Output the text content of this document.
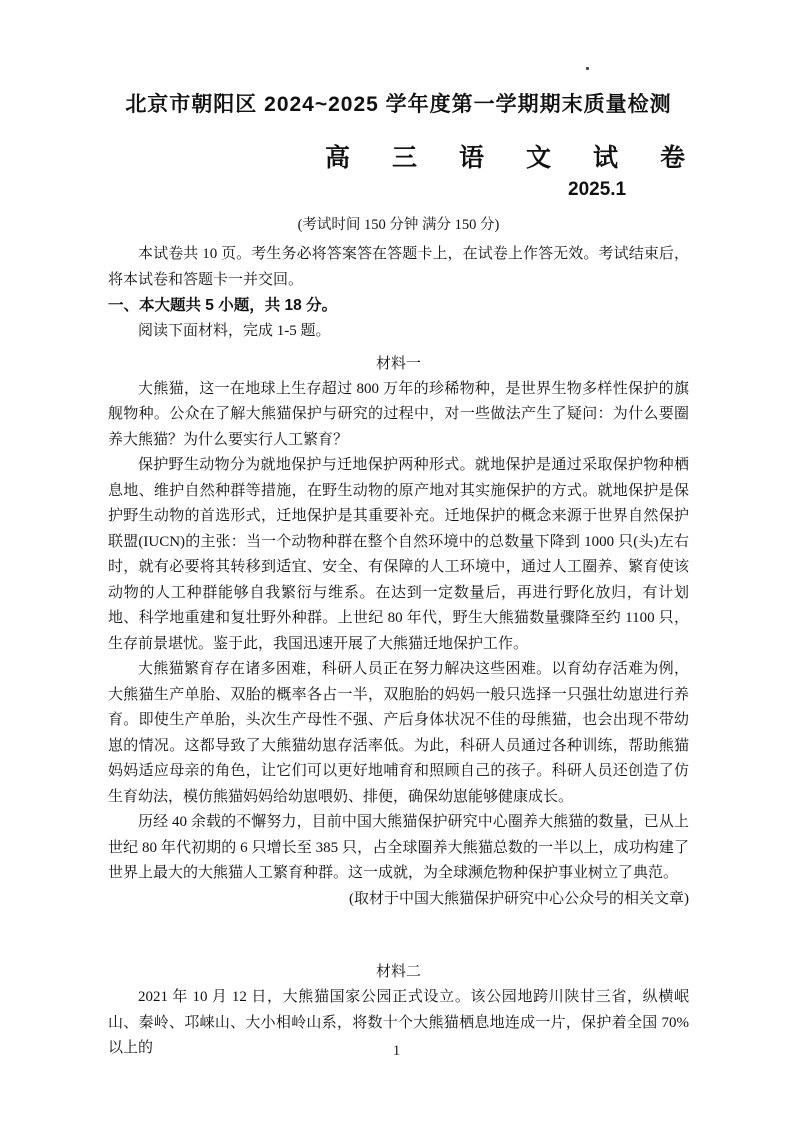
北京市朝阳区 2024~2025 学年度第一学期期末质量检测
高三语文试卷
2025.1
(考试时间 150 分钟 满分 150 分)
本试卷共 10 页。考生务必将答案答在答题卡上，在试卷上作答无效。考试结束后，将本试卷和答题卡一并交回。
一、本大题共 5 小题，共 18 分。
阅读下面材料，完成 1-5 题。
材料一

大熊猫，这一在地球上生存超过 800 万年的珍稀物种，是世界生物多样性保护的旗舰物种。公众在了解大熊猫保护与研究的过程中，对一些做法产生了疑问：为什么要圈养大熊猫？为什么要实行人工繁育？

保护野生动物分为就地保护与迁地保护两种形式。就地保护是通过采取保护物种栖息地、维护自然种群等措施，在野生动物的原产地对其实施保护的方式。就地保护是保护野生动物的首选形式，迁地保护是其重要补充。迁地保护的概念来源于世界自然保护联盟(IUCN)的主张：当一个动物种群在整个自然环境中的总数量下降到 1000 只(头)左右时，就有必要将其转移到适宜、安全、有保障的人工环境中，通过人工圈养、繁育使该动物的人工种群能够自我繁衍与维系。在达到一定数量后，再进行野化放归，有计划地、科学地重建和复壮野外种群。上世纪 80 年代，野生大熊猫数量骤降至约 1100 只，生存前景堪忧。鉴于此，我国迅速开展了大熊猫迁地保护工作。

大熊猫繁育存在诸多困难，科研人员正在努力解决这些困难。以育幼存活难为例，大熊猫生产单胎、双胎的概率各占一半，双胞胎的妈妈一般只选择一只强壮幼崽进行养育。即使生产单胎，头次生产母性不强、产后身体状况不佳的母熊猫，也会出现不带幼崽的情况。这都导致了大熊猫幼崽存活率低。为此，科研人员通过各种训练，帮助熊猫妈妈适应母亲的角色，让它们可以更好地哺育和照顾自己的孩子。科研人员还创造了仿生育幼法，模仿熊猫妈妈给幼崽喂奶、排便，确保幼崽能够健康成长。

历经 40 余载的不懈努力，目前中国大熊猫保护研究中心圈养大熊猫的数量，已从上世纪 80 年代初期的 6 只增长至 385 只，占全球圈养大熊猫总数的一半以上，成功构建了世界上最大的大熊猫人工繁育种群。这一成就，为全球濒危物种保护事业树立了典范。

(取材于中国大熊猫保护研究中心公众号的相关文章)
材料二

2021 年 10 月 12 日，大熊猫国家公园正式设立。该公园地跨川陕甘三省，纵横岷山、秦岭、邛崃山、大小相岭山系，将数十个大熊猫栖息地连成一片，保护着全国 70%以上的	1
